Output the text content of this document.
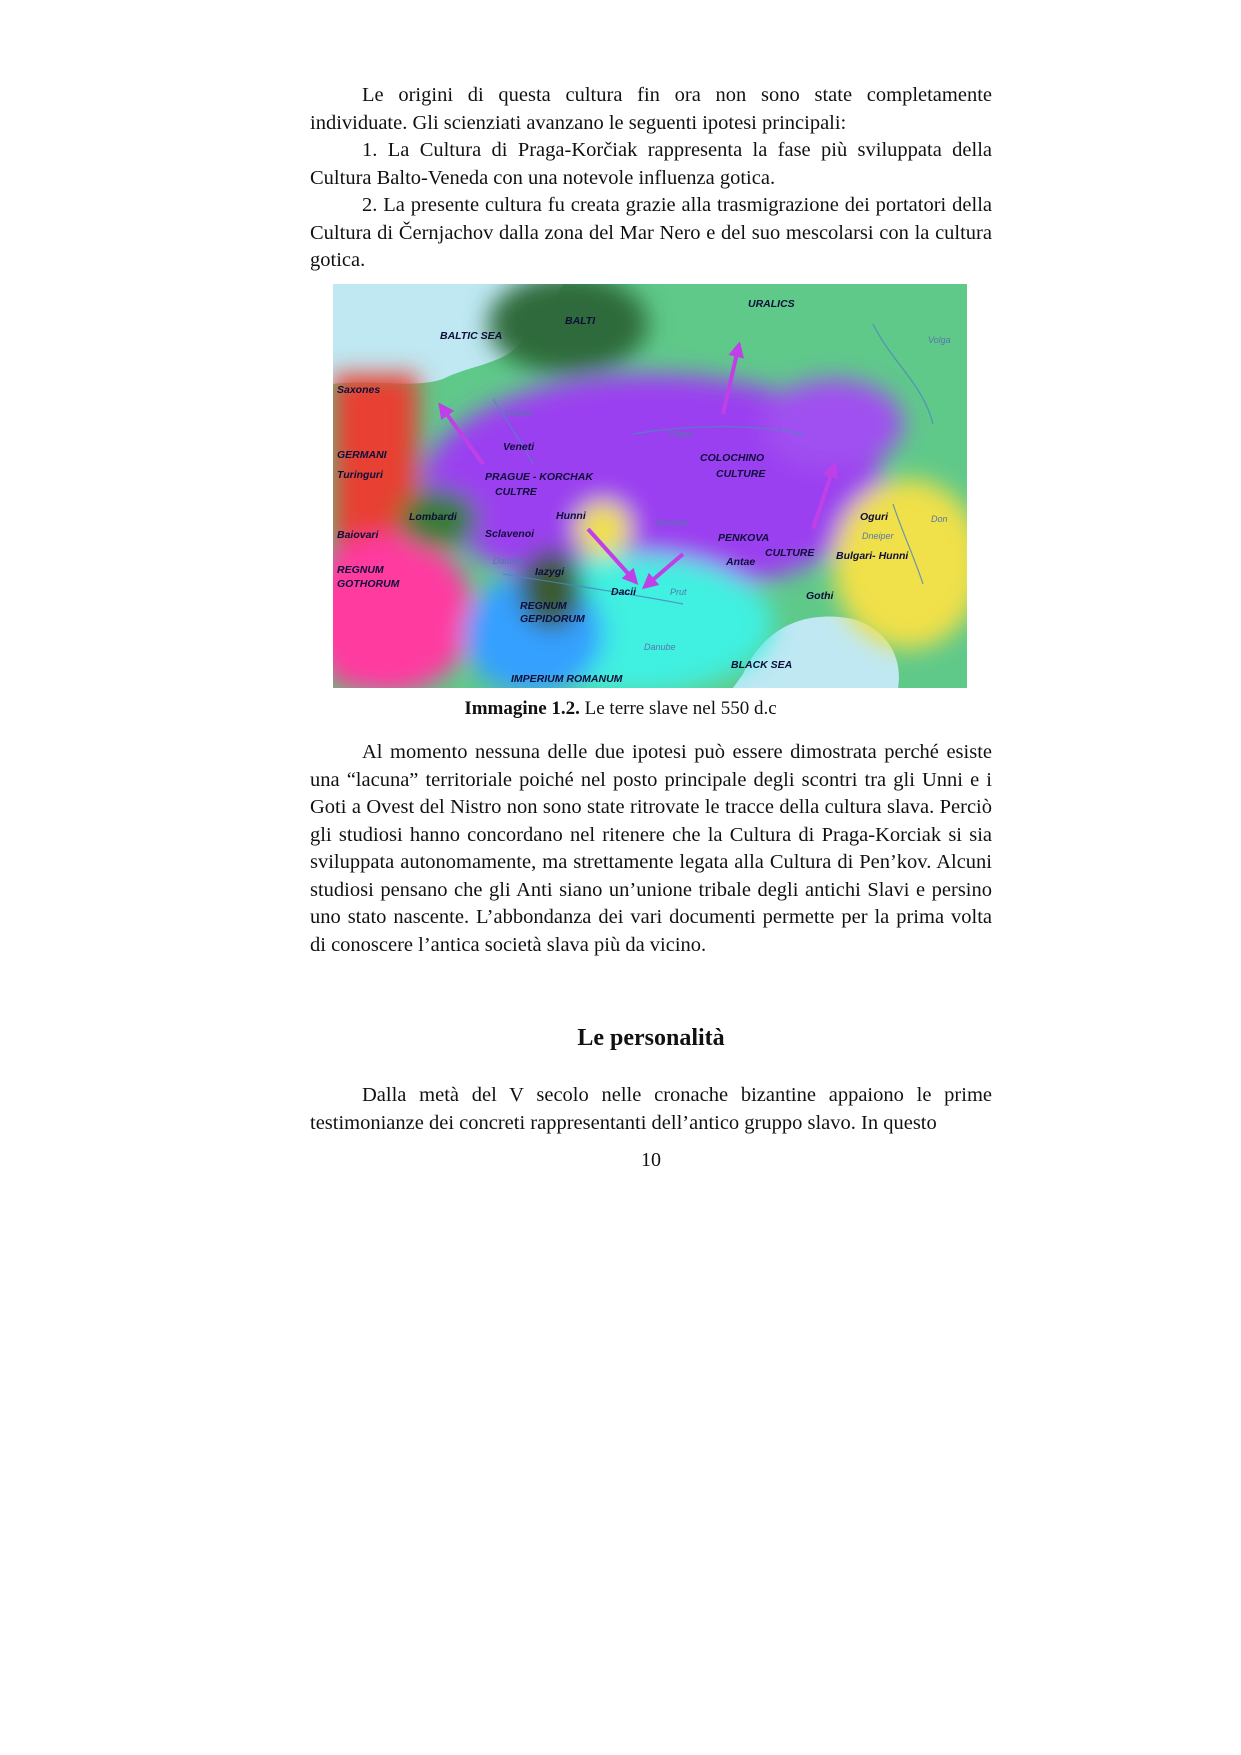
Le origini di questa cultura fin ora non sono state completamente individuate. Gli scienziati avanzano le seguenti ipotesi principali:

1. La Cultura di Praga-Korčiak rappresenta la fase più sviluppata della Cultura Balto-Veneda con una notevole influenza gotica.

2. La presente cultura fu creata grazie alla trasmigrazione dei portatori della Cultura di Černjachov dalla zona del Mar Nero e del suo mescolarsi con la cultura gotica.

URALICS
BALTI
BALTIC SEA	Volga
Saxones
Vistula
Pripet
GERMANI
Turinguri
Veneti
COLOCHINO
CULTURE
PRAGUE - KORCHAK
CULTRE
Lombardi	Hunni
Dneister	Oguri	Don
Dneiper
Baiovari	Sclavenoi	PENKOVA
CULTURE Bulgari- Hunni
Antae
Danube
Iazygi
REGNUM
GOTHORUM
Dacii	Prut	Gothi
REGNUM
GEPIDORUM
Danube
BLACK SEA
IMPERIUM ROMANUM
Immagine 1.2. Le terre slave nel 550 d.c

Al momento nessuna delle due ipotesi può essere dimostrata perché esiste una “lacuna” territoriale poiché nel posto principale degli scontri tra gli Unni e i Goti a Ovest del Nistro non sono state ritrovate le tracce della cultura slava. Perciò gli studiosi hanno concordano nel ritenere che la Cultura di Praga-Korciak si sia sviluppata autonomamente, ma strettamente legata alla Cultura di Pen’kov. Alcuni studiosi pensano che gli Anti siano un’unione tribale degli antichi Slavi e persino uno stato nascente. L’abbondanza dei vari documenti permette per la prima volta di conoscere l’antica società slava più da vicino.

Le personalità

Dalla metà del V secolo nelle cronache bizantine appaiono le prime testimonianze dei concreti rappresentanti dell’antico gruppo slavo. In questo

10
